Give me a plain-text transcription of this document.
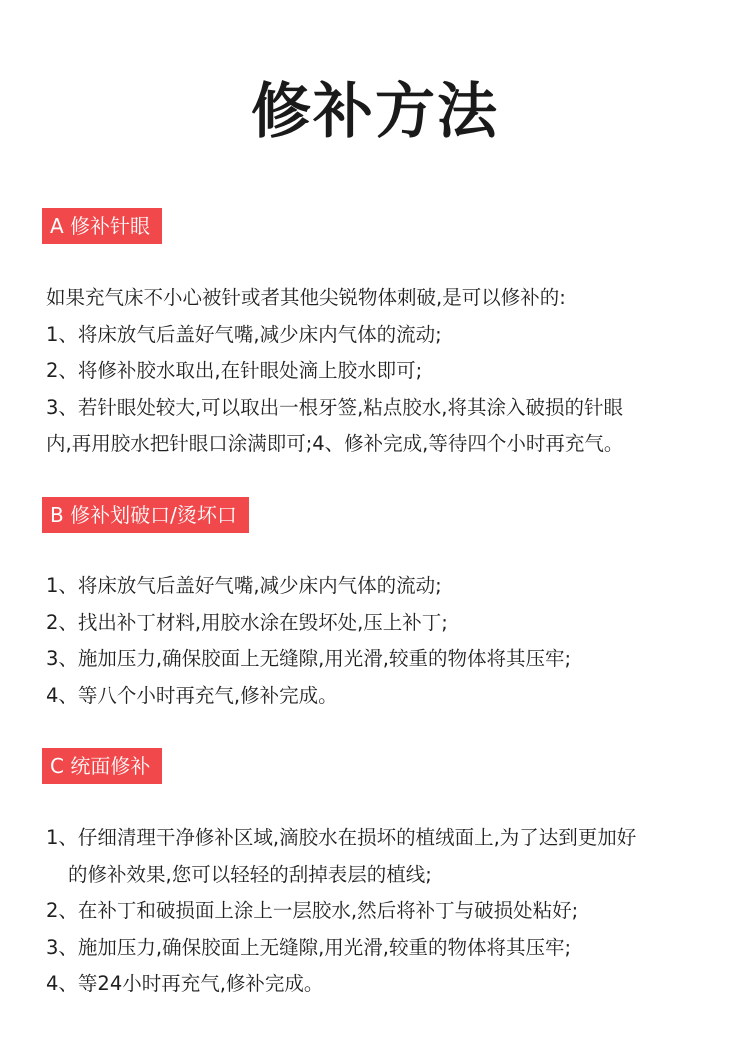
修补方法
A 修补针眼
如果充气床不小心被针或者其他尖锐物体刺破,是可以修补的:
1、将床放气后盖好气嘴,减少床内气体的流动;
2、将修补胶水取出,在针眼处滴上胶水即可;
3、若针眼处较大,可以取出一根牙签,粘点胶水,将其涂入破损的针眼
内,再用胶水把针眼口涂满即可;4、修补完成,等待四个小时再充气。
B 修补划破口/烫坏口
1、将床放气后盖好气嘴,减少床内气体的流动;
2、找出补丁材料,用胶水涂在毁坏处,压上补丁;
3、施加压力,确保胶面上无缝隙,用光滑,较重的物体将其压牢;
4、等八个小时再充气,修补完成。
C 统面修补
1、仔细清理干净修补区域,滴胶水在损坏的植绒面上,为了达到更加好
的修补效果,您可以轻轻的刮掉表层的植线;
2、在补丁和破损面上涂上一层胶水,然后将补丁与破损处粘好;
3、施加压力,确保胶面上无缝隙,用光滑,较重的物体将其压牢;
4、等24小时再充气,修补完成。
